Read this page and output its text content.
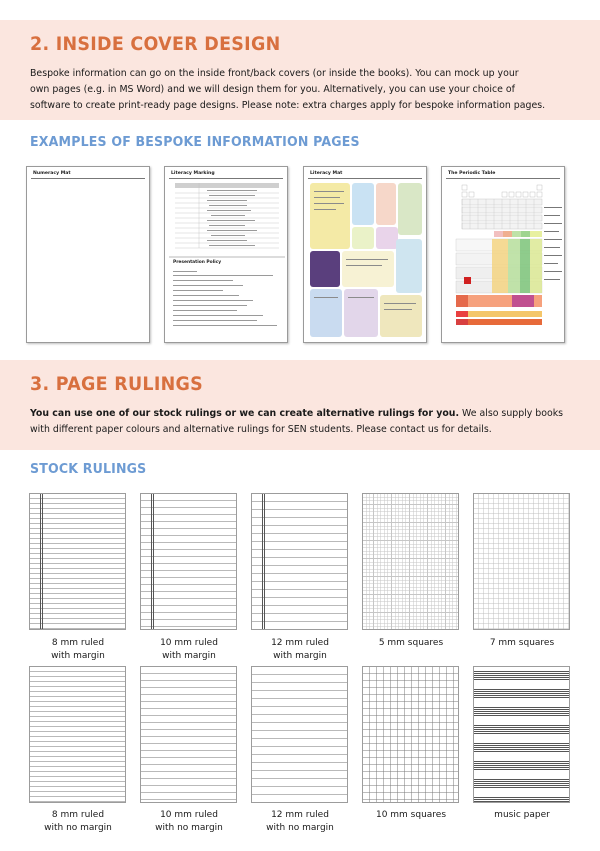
2. INSIDE COVER DESIGN
Bespoke information can go on the inside front/back covers (or inside the books). You can mock up your
own pages (e.g. in MS Word) and we will design them for you. Alternatively, you can use your choice of
software to create print-ready page designs. Please note: extra charges apply for bespoke information pages.
EXAMPLES OF BESPOKE INFORMATION PAGES
Numeracy Mat	Literacy Marking
Presentation Policy
Literacy Mat	The Periodic Table
3. PAGE RULINGS
You can use one of our stock rulings or we can create alternative rulings for you. We also supply books
with different paper colours and alternative rulings for SEN students. Please contact us for details.
STOCK RULINGS
8 mm ruled
with margin
10 mm ruled
with margin
12 mm ruled
with margin
5 mm squares	7 mm squares
8 mm ruled
with no margin
10 mm ruled
with no margin
12 mm ruled
with no margin
10 mm squares	music paper
